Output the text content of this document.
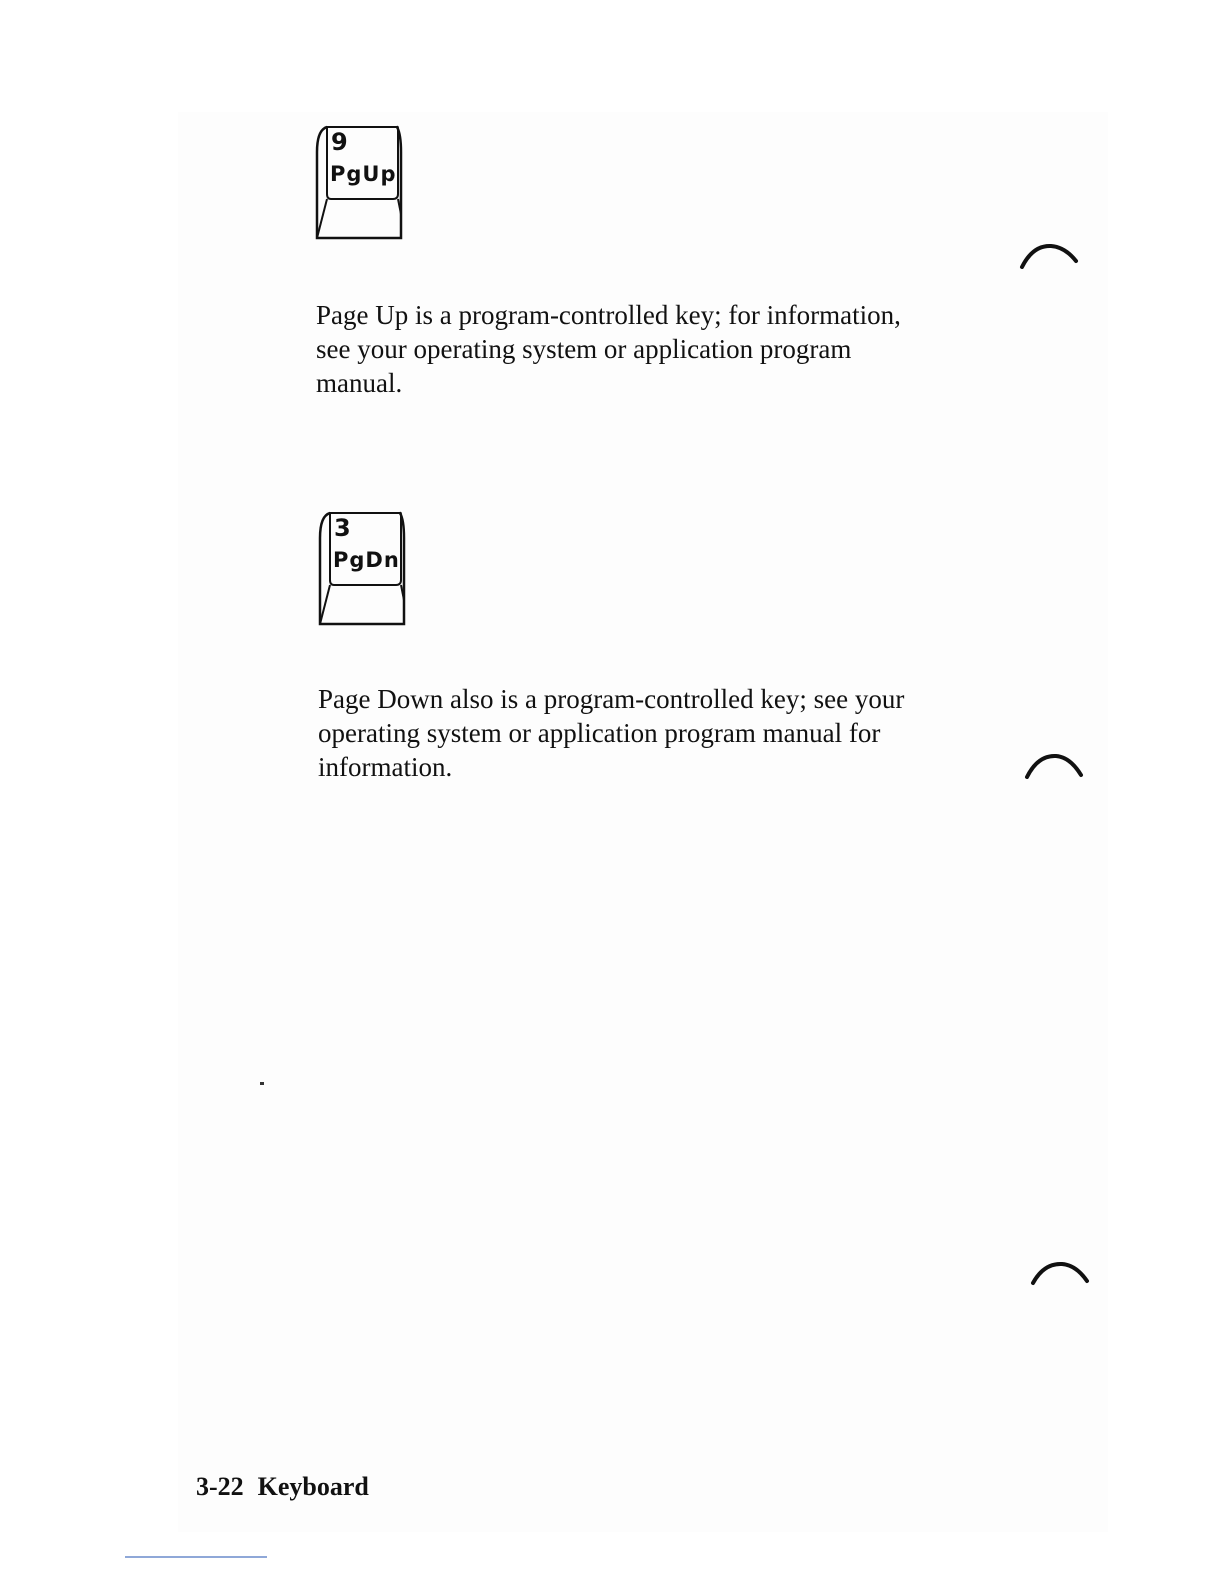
9
PgUp

Page Up is a program-controlled key; for information,
see your operating system or application program
manual.

3
PgDn

Page Down also is a program-controlled key; see your
operating system or application program manual for
information.

3-22 Keyboard
